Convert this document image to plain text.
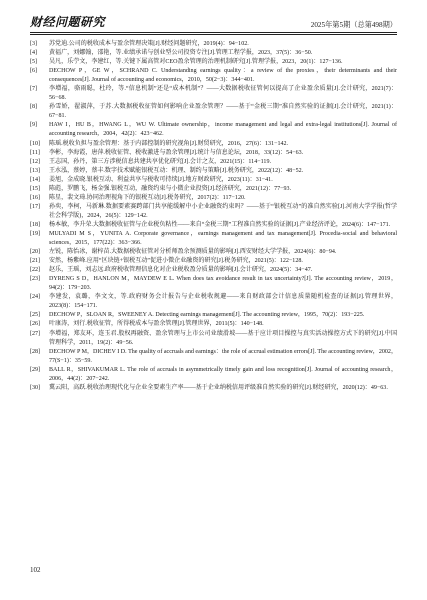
财经问题研究	2025年第5期（总第498期）
[3] 苏党迪.公司的税收成本与盈余管理决策[J].财经问题研究，2019(4)：94−102.
[4] 黄福广，刘娜翰，邵艳，等.业绩承诺与创业型公司投资专注[J].管理工程学报，2023，37(5)：36−50.
[5] 吴凡，乐苧文，李建红，等.关键下属高管对CEO盈余管理的治理机制研究[J].管理学报，2023，20(1)：127−136.
[6] DECHOW P，GE W，SCHRAND C. Understanding earnings quality：a review of the proxies，their determinants and their consequences[J]. Journal of accounting and economics，2010，50(2−3)：344−401.
[7] 李增福，骆雨聪，杜玲，等.“信息机制”还是“成本机制”？——大数据税收征管何以提高了企业盈余质量[J].会计研究，2021(7)：56−68.
[8] 孙雪娇，翟淑萍，于苏.大数据税收征管如何影响企业盈余管理？——基于“金税三期”准自然实验的证据[J].会计研究，2021(1)：67−81.
[9] HAW I，HU B，HWANG L，WU W. Ultimate ownership，income management and legal and extra-legal institutions[J]. Journal of accounting research，2004，42(2)：423−462.
[10] 陈瑶.税收负担与盈余管理：基于内部控制的研究视角[J].财贸研究，2016，27(6)：131−142.
[11] 李彬，李海霞，唐萍.税收征管、税收激进与盈余管理[J].统计与信息论坛，2018，33(12)：54−63.
[12] 王志国，孙丹，第三方涉税信息共建共享优化研究[J].会计之友，2021(15)：114−119.
[13] 王水泓，蔡婷，蔡丰.数字技术赋能银税互动：机理、制约与策略[J].税务研究，2022(12)：48−52.
[14] 姜旭，金成晓.银税互动、利益共享与税收可持续[J].地方财政研究，2023(11)：31−41.
[15] 陈彪，罗鹏飞，杨金强.银税互动，融资约束与小微企业投资[J].经济研究，2021(12)：77−93.
[16] 陈星，裴文琦.协同治理视角下的银税互动[J].税务研究，2017(2)：117−120.
[17] 孙奕，李柯，马新琳.数据要素赛跨部门共享能缓解中小企业融资约束吗？——基于“银税互动”的准自然实验[J].河南大学学报(哲学社会科学版)，2024，26(5)：129−142.
[18] 杨本敏，李升荣.大数据税收征管与企业税负粘性——来自“金税三期”工程准自然实验的证据[J].产业经济评论，2024(6)：147−171.
[19] MULYADI M S，YUNITA A. Corporate governance，earnings management and tax management[J]. Procedia-social and behavioral sciences，2015，177(22)：363−366.
[20] 左锐，陈怡冰，谢梓苗.大数据税收征管对分析师盈余预测质量的影响[J].西安财经大学学报，2024(6)：80−94.
[21] 安然，杨紫峰.应用“区块链+银税互动”促进小微企业融资的研究[J].税务研究，2021(5)：122−128.
[22] 赵乐，王瑶，刘志远.政府税收管理信息化对企业税收盈分质量的影响[J].会计研究，2024(5)：34−47.
[23] DYRENG S D，HANLON M，MAYDEW E L. When does tax avoidance result in tax uncertainty?[J]. The accounting review，2019，94(2)：179−203.
[24] 李建发，袁璐，李文文，等.政府财务会计报告与企业税收规避——来自财政部会计信息质量随机检查的证据[J].管理世界，2023(8)：154−171.
[25] DECHOW P，SLOAN R，SWEENEY A. Detecting earnings management[J]. The accounting review，1995，70(2)：193−225.
[26] 叶康涛，刘行.税收征管，所得税成本与盈余管理[J].管理世界，2011(5)：140−148.
[27] 李增福，郑友环，连玉君.股权再融资、盈余管理与上市公司业绩滑坡——基于应计项目操控与真实活动操控方式下的研究[J].中国管理科学，2011，19(2)：49−56.
[28] DECHOW P M，DICHEV I D. The quality of accruals and earnings：the role of accrual estimation errors[J]. The accounting review，2002，77(S−1)：35−59.
[29] BALL R，SHIVAKUMAR L. The role of accruals in asymmetrically timely gain and loss recognition[J]. Journal of accounting research，2006，44(2)：207−242.
[30] 冀云阳，高跃.税收治理现代化与企业全要素生产率——基于企业纳税信用评级准自然实验的研究[J].财经研究，2020(12)：49−63.
102
